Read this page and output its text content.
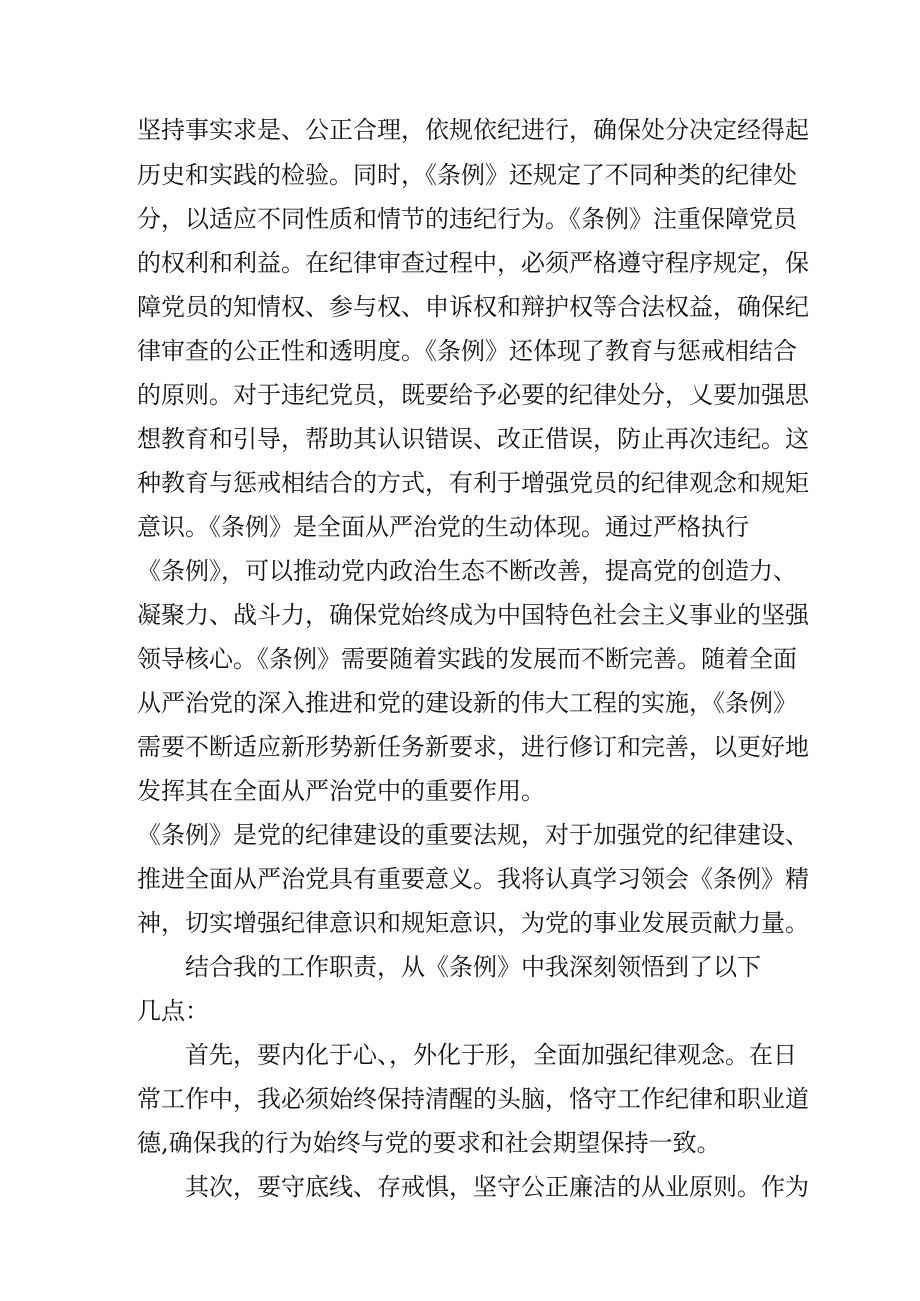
坚持事实求是、公正合理，依规依纪进行，确保处分决定经得起

历史和实践的检验。同时，《条例》还规定了不同种类的纪律处

分，以适应不同性质和情节的违纪行为。《条例》注重保障党员

的权利和利益。在纪律审查过程中，必须严格遵守程序规定，保

障党员的知情权、参与权、申诉权和辩护权等合法权益，确保纪

律审查的公正性和透明度。《条例》还体现了教育与惩戒相结合

的原则。对于违纪党员，既要给予必要的纪律处分，乂要加强思

想教育和引导，帮助其认识错误、改正借误，防止再次违纪。这

种教育与惩戒相结合的方式，有利于增强党员的纪律观念和规矩

意识。《条例》是全面从严治党的生动体现。通过严格执行

《条例》，可以推动党内政治生态不断改善，提高党的创造力、

凝聚力、战斗力，确保党始终成为中国特色社会主义事业的坚强

领导核心。《条例》需要随着实践的发展而不断完善。随着全面

从严治党的深入推进和党的建设新的伟大工程的实施，《条例》

需要不断适应新形势新任务新要求，进行修订和完善，以更好地

发挥其在全面从严治党中的重要作用。

《条例》是党的纪律建设的重要法规，对于加强党的纪律建设、

推进全面从严治党具有重要意义。我将认真学习领会《条例》精

神，切实增强纪律意识和规矩意识，为党的事业发展贡献力量。

结合我的工作职责，从《条例》中我深刻领悟到了以下

几点：

首先，要内化于心、，外化于形，全面加强纪律观念。在日

常工作中，我必须始终保持清醒的头脑，恪守工作纪律和职业道

德,确保我的行为始终与党的要求和社会期望保持一致。

其次，要守底线、存戒惧，坚守公正廉洁的从业原则。作为
